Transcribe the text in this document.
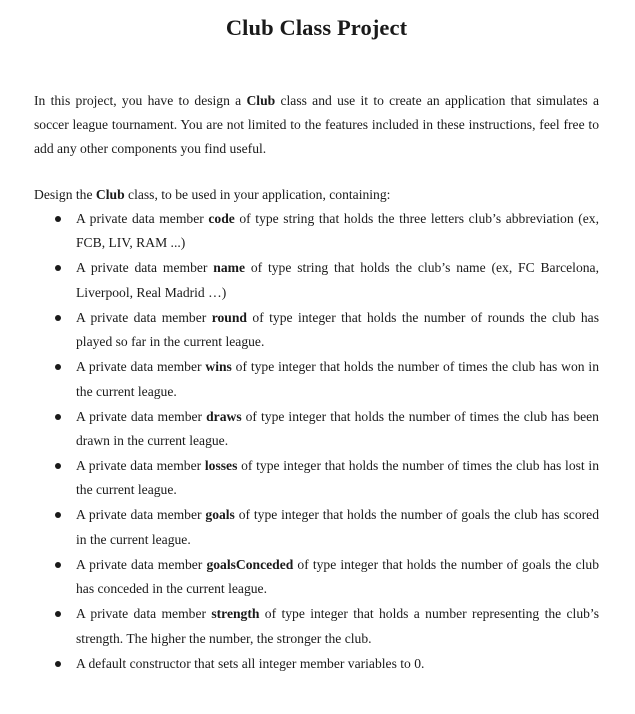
Club Class Project

In this project, you have to design a Club class and use it to create an application that simulates a soccer league tournament. You are not limited to the features included in these instructions, feel free to add any other components you find useful.

Design the Club class, to be used in your application, containing:

A private data member code of type string that holds the three letters club’s abbreviation (ex, FCB, LIV, RAM ...)
A private data member name of type string that holds the club’s name (ex, FC Barcelona, Liverpool, Real Madrid …)
A private data member round of type integer that holds the number of rounds the club has played so far in the current league.
A private data member wins of type integer that holds the number of times the club has won in the current league.
A private data member draws of type integer that holds the number of times the club has been drawn in the current league.
A private data member losses of type integer that holds the number of times the club has lost in the current league.
A private data member goals of type integer that holds the number of goals the club has scored in the current league.
A private data member goalsConceded of type integer that holds the number of goals the club has conceded in the current league.
A private data member strength of type integer that holds a number representing the club’s strength. The higher the number, the stronger the club.
A default constructor that sets all integer member variables to 0.
